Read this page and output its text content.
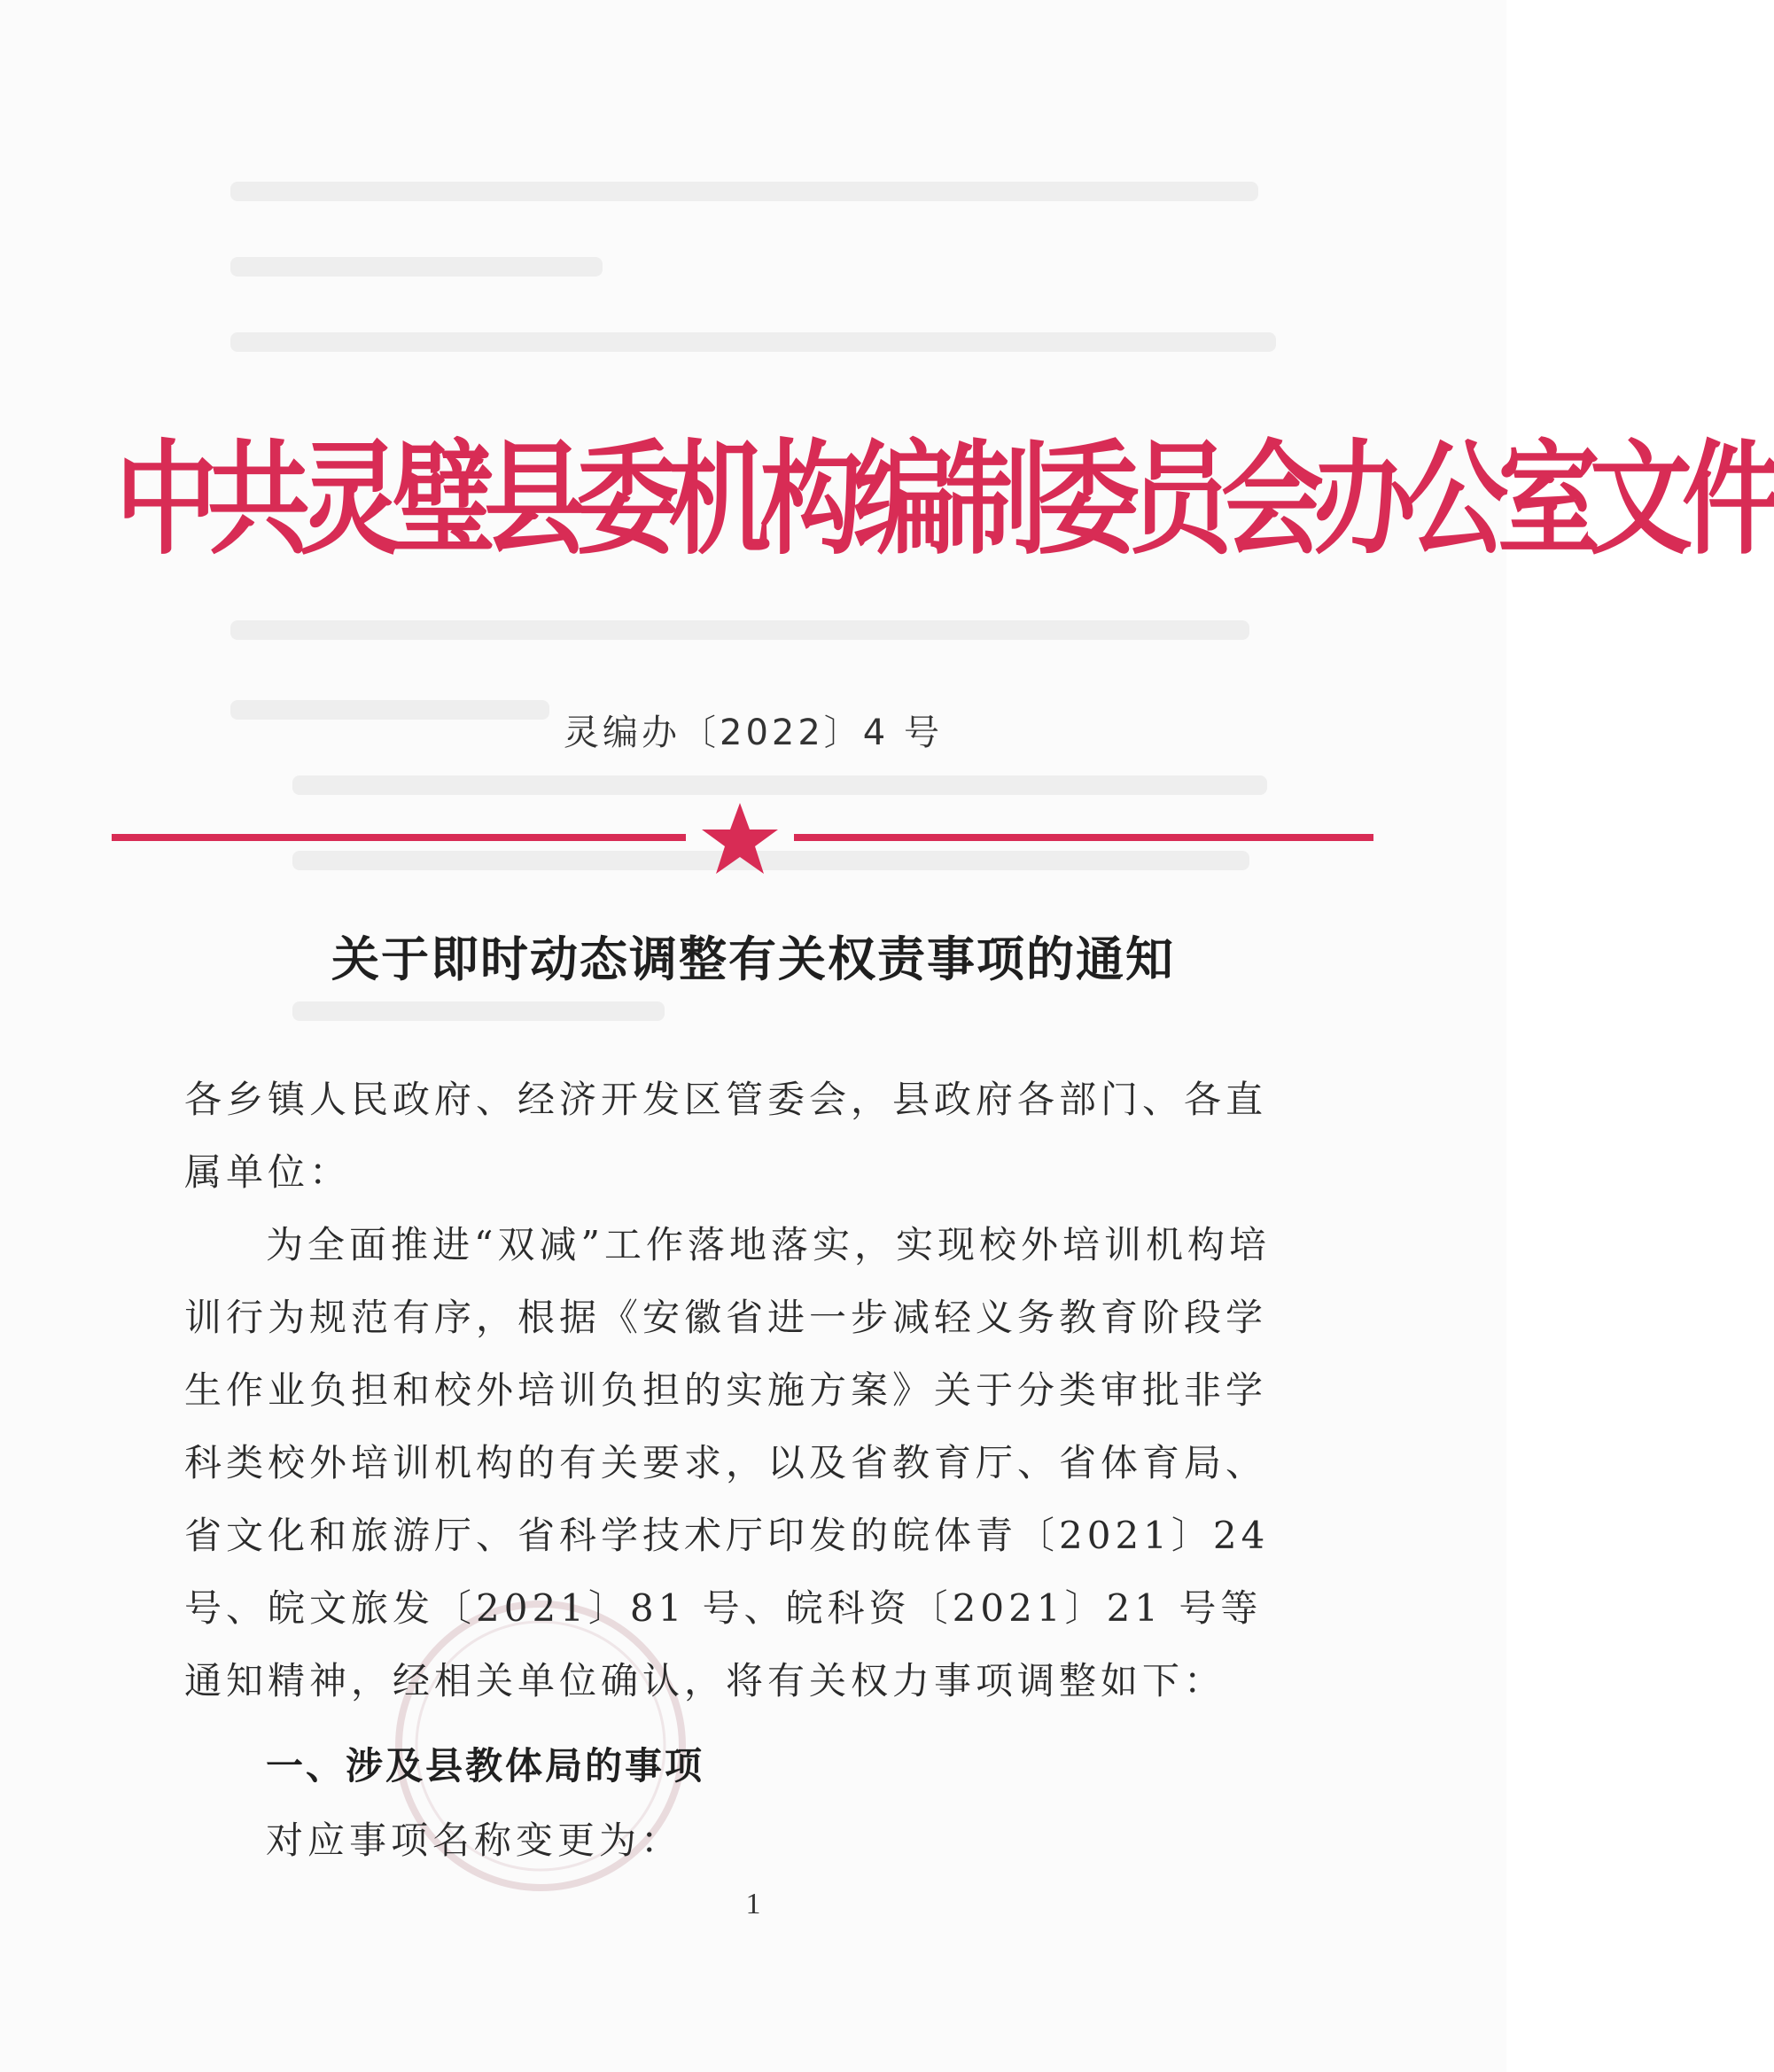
中共灵璧县委机构编制委员会办公室文件
灵编办〔2022〕4 号
关于即时动态调整有关权责事项的通知
各乡镇人民政府、经济开发区管委会，县政府各部门、各直属单位：
为全面推进“双减”工作落地落实，实现校外培训机构培训行为规范有序，根据《安徽省进一步减轻义务教育阶段学生作业负担和校外培训负担的实施方案》关于分类审批非学科类校外培训机构的有关要求，以及省教育厅、省体育局、省文化和旅游厅、省科学技术厅印发的皖体青〔2021〕24 号、皖文旅发〔2021〕81 号、皖科资〔2021〕21 号等通知精神，经相关单位确认，将有关权力事项调整如下：
一、涉及县教体局的事项
对应事项名称变更为：
1
